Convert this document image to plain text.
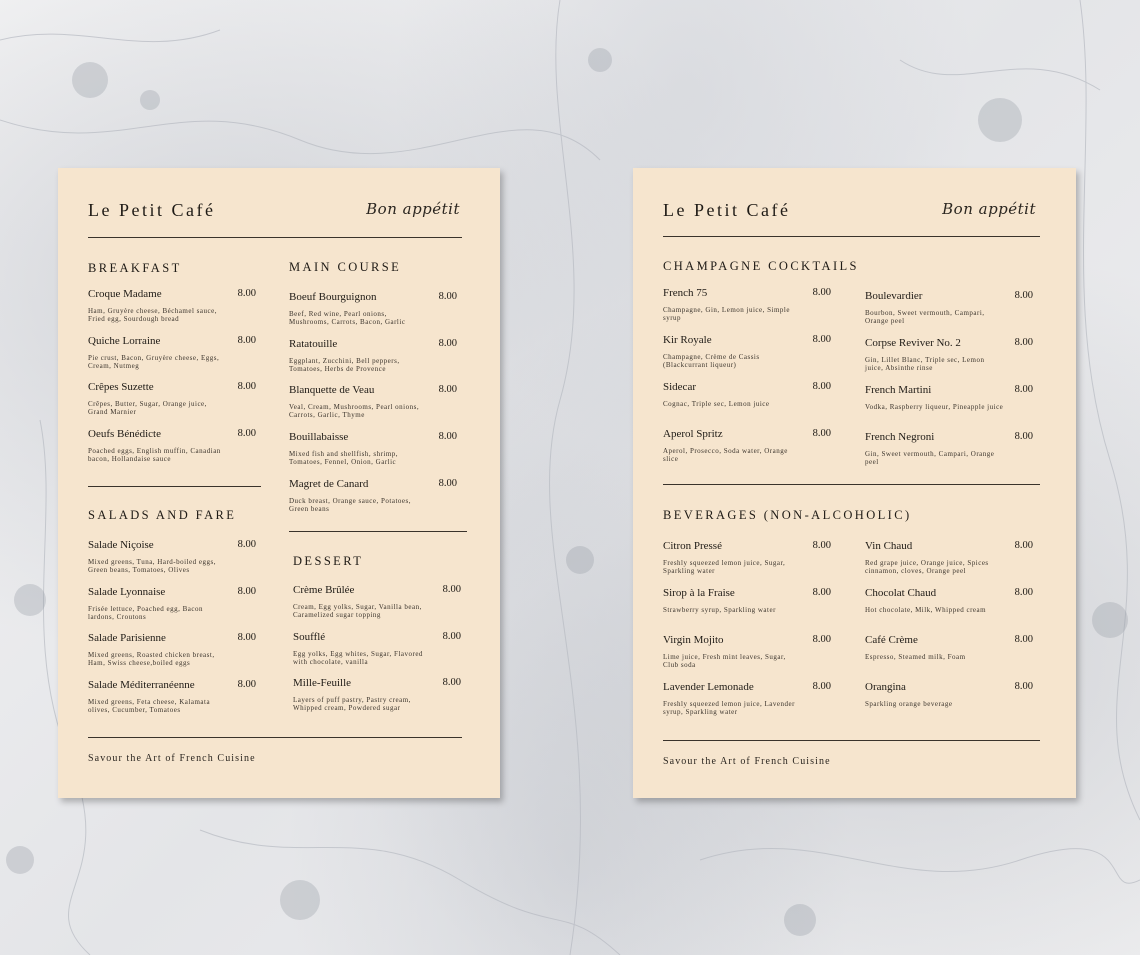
Le Petit Café	Bon appétit
BREAKFAST
SALADS AND FARE
MAIN COURSE
DESSERT
Savour the Art of French Cuisine
Croque Madame	8.00
Ham, Gruyère cheese, Béchamel sauce, Fried egg, Sourdough bread
Quiche Lorraine	8.00
Pie crust, Bacon, Gruyère cheese, Eggs, Cream, Nutmeg
Crêpes Suzette	8.00
Crêpes, Butter, Sugar, Orange juice, Grand Marnier
Oeufs Bénédicte	8.00
Poached eggs, English muffin, Canadian bacon, Hollandaise sauce
Salade Niçoise	8.00
Mixed greens, Tuna, Hard-boiled eggs, Green beans, Tomatoes, Olives
Salade Lyonnaise	8.00
Frisée lettuce, Poached egg, Bacon lardons, Croutons
Salade Parisienne	8.00
Mixed greens, Roasted chicken breast, Ham, Swiss cheese,boiled eggs
Salade Méditerranéenne	8.00
Mixed greens, Feta cheese, Kalamata olives, Cucumber, Tomatoes
Boeuf Bourguignon	8.00
Beef, Red wine, Pearl onions, Mushrooms, Carrots, Bacon, Garlic
Ratatouille	8.00
Eggplant, Zucchini, Bell peppers, Tomatoes, Herbs de Provence
Blanquette de Veau	8.00
Veal, Cream, Mushrooms, Pearl onions, Carrots, Garlic, Thyme
Bouillabaisse	8.00
Mixed fish and shellfish, shrimp, Tomatoes, Fennel, Onion, Garlic
Magret de Canard	8.00
Duck breast, Orange sauce, Potatoes, Green beans
Crème Brûlée	8.00
Cream, Egg yolks, Sugar, Vanilla bean, Caramelized sugar topping
Soufflé	8.00
Egg yolks, Egg whites, Sugar, Flavored with chocolate, vanilla
Mille-Feuille	8.00
Layers of puff pastry, Pastry cream, Whipped cream, Powdered sugar
Le Petit Café	Bon appétit
CHAMPAGNE COCKTAILS
BEVERAGES (NON-ALCOHOLIC)
Savour the Art of French Cuisine
French 75	8.00
Champagne, Gin, Lemon juice, Simple syrup
Kir Royale	8.00
Champagne, Crème de Cassis (Blackcurrant liqueur)
Sidecar	8.00
Cognac, Triple sec, Lemon juice
Aperol Spritz	8.00
Aperol, Prosecco, Soda water, Orange slice
Boulevardier	8.00
Bourbon, Sweet vermouth, Campari, Orange peel
Corpse Reviver No. 2	8.00
Gin, Lillet Blanc, Triple sec, Lemon juice, Absinthe rinse
French Martini	8.00
Vodka, Raspberry liqueur, Pineapple juice
French Negroni	8.00
Gin, Sweet vermouth, Campari, Orange peel
Citron Pressé	8.00
Freshly squeezed lemon juice, Sugar, Sparkling water
Sirop à la Fraise	8.00
Strawberry syrup, Sparkling water
Virgin Mojito	8.00
Lime juice, Fresh mint leaves, Sugar, Club soda
Lavender Lemonade	8.00
Freshly squeezed lemon juice, Lavender syrup, Sparkling water
Vin Chaud	8.00
Red grape juice, Orange juice, Spices cinnamon, cloves, Orange peel
Chocolat Chaud	8.00
Hot chocolate, Milk, Whipped cream
Café Crème	8.00
Espresso, Steamed milk, Foam
Orangina	8.00
Sparkling orange beverage
